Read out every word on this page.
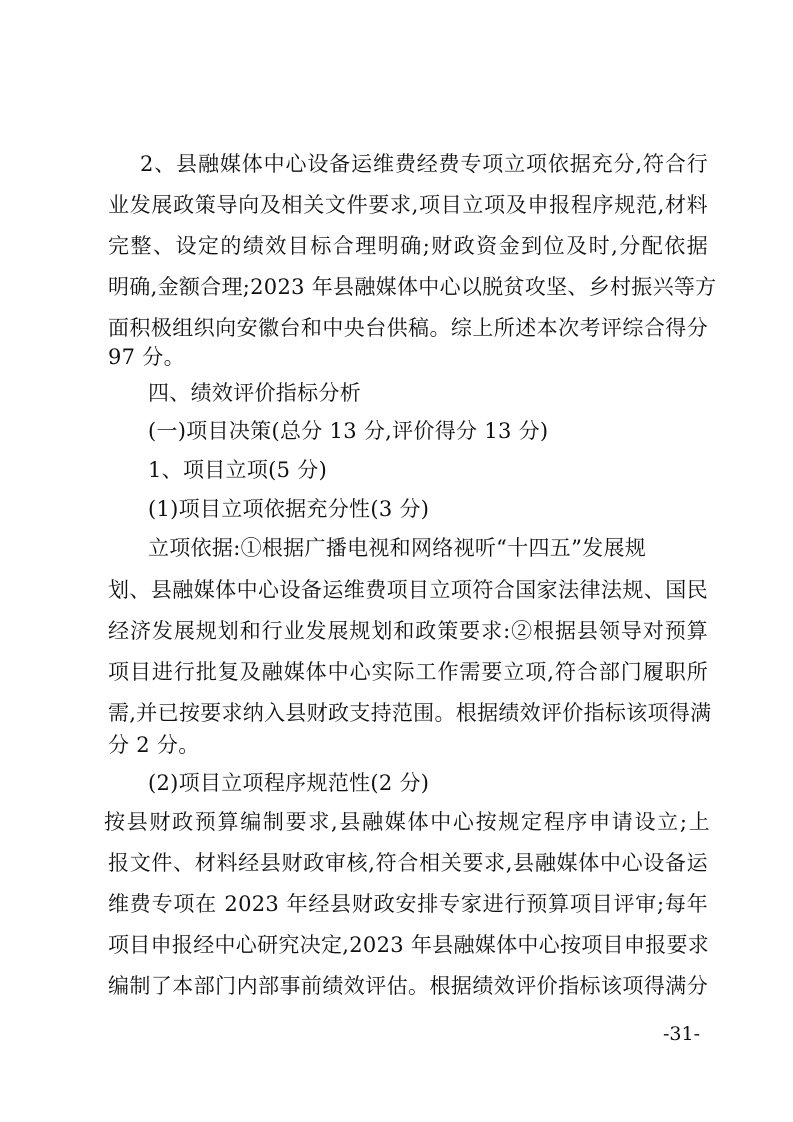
2、县融媒体中心设备运维费经费专项立项依据充分,符合行
业发展政策导向及相关文件要求,项目立项及申报程序规范,材料
完整、设定的绩效目标合理明确;财政资金到位及时,分配依据
明确,金额合理;2023 年县融媒体中心以脱贫攻坚、乡村振兴等方
面积极组织向安徽台和中央台供稿。综上所述本次考评综合得分
97 分。
四、绩效评价指标分析
(一)项目决策(总分 13 分,评价得分 13 分)
1、项目立项(5 分)
(1)项目立项依据充分性(3 分)
立项依据:①根据广播电视和网络视听“十四五”发展规
划、县融媒体中心设备运维费项目立项符合国家法律法规、国民
经济发展规划和行业发展规划和政策要求:②根据县领导对预算
项目进行批复及融媒体中心实际工作需要立项,符合部门履职所
需,并已按要求纳入县财政支持范围。根据绩效评价指标该项得满
分 2 分。
(2)项目立项程序规范性(2 分)
按县财政预算编制要求,县融媒体中心按规定程序申请设立;上
报文件、材料经县财政审核,符合相关要求,县融媒体中心设备运
维费专项在 2023 年经县财政安排专家进行预算项目评审;每年
项目申报经中心研究决定,2023 年县融媒体中心按项目申报要求
编制了本部门内部事前绩效评估。根据绩效评价指标该项得满分
-31-
